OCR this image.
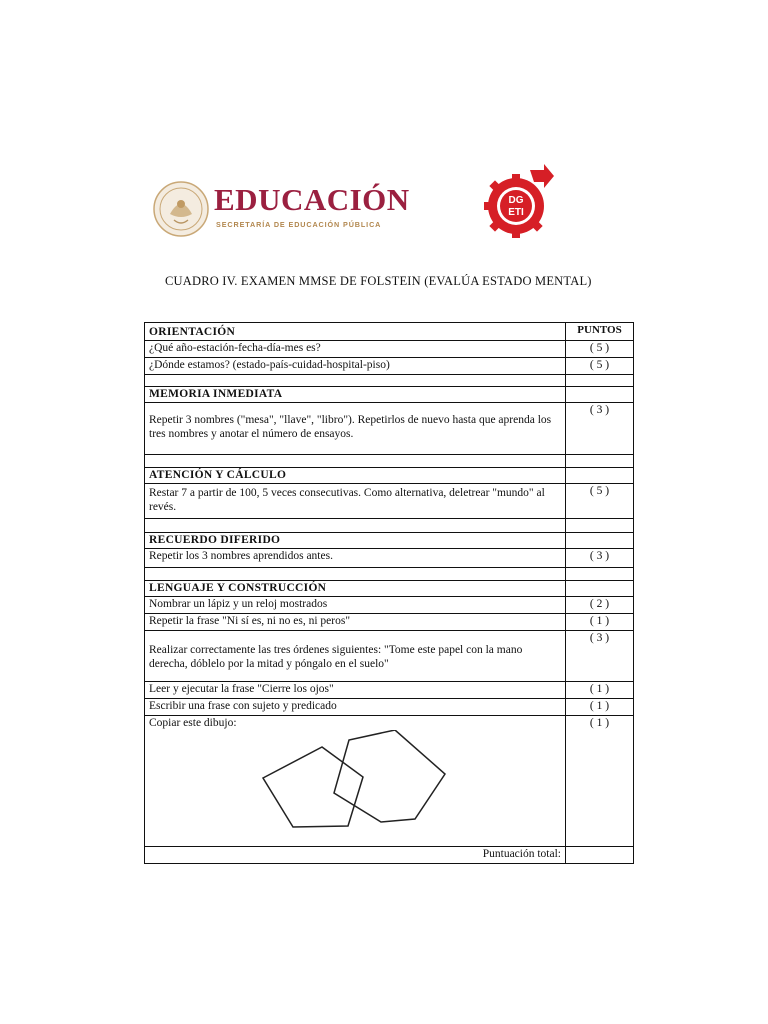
EDUCACIÓN
SECRETARÍA DE EDUCACIÓN PÚBLICA
DG
ETI
CUADRO IV. EXAMEN MMSE DE FOLSTEIN (EVALÚA ESTADO MENTAL)
ORIENTACIÓN	PUNTOS
¿Qué año-estación-fecha-día-mes es?	( 5 )
¿Dónde estamos? (estado-país-cuidad-hospital-piso)	( 5 )

MEMORIA INMEDIATA	
Repetir 3 nombres ("mesa", "llave", "libro"). Repetirlos de nuevo hasta que aprenda los tres nombres y anotar el número de ensayos.	( 3 )

ATENCIÓN Y CÁLCULO	
Restar 7 a partir de 100, 5 veces consecutivas. Como alternativa, deletrear "mundo" al revés.	( 5 )

RECUERDO DIFERIDO	
Repetir los 3 nombres aprendidos antes.	( 3 )

LENGUAJE Y CONSTRUCCIÓN	
Nombrar un lápiz y un reloj mostrados	( 2 )
Repetir la frase "Ni sí es, ni no es, ni peros"	( 1 )
Realizar correctamente las tres órdenes siguientes: "Tome este papel con la mano derecha, dóblelo por la mitad y póngalo en el suelo"	( 3 )
Leer y ejecutar la frase "Cierre los ojos"	( 1 )
Escribir una frase con sujeto y predicado	( 1 )

Copiar este dibujo:	( 1 )
Puntuación total:	
